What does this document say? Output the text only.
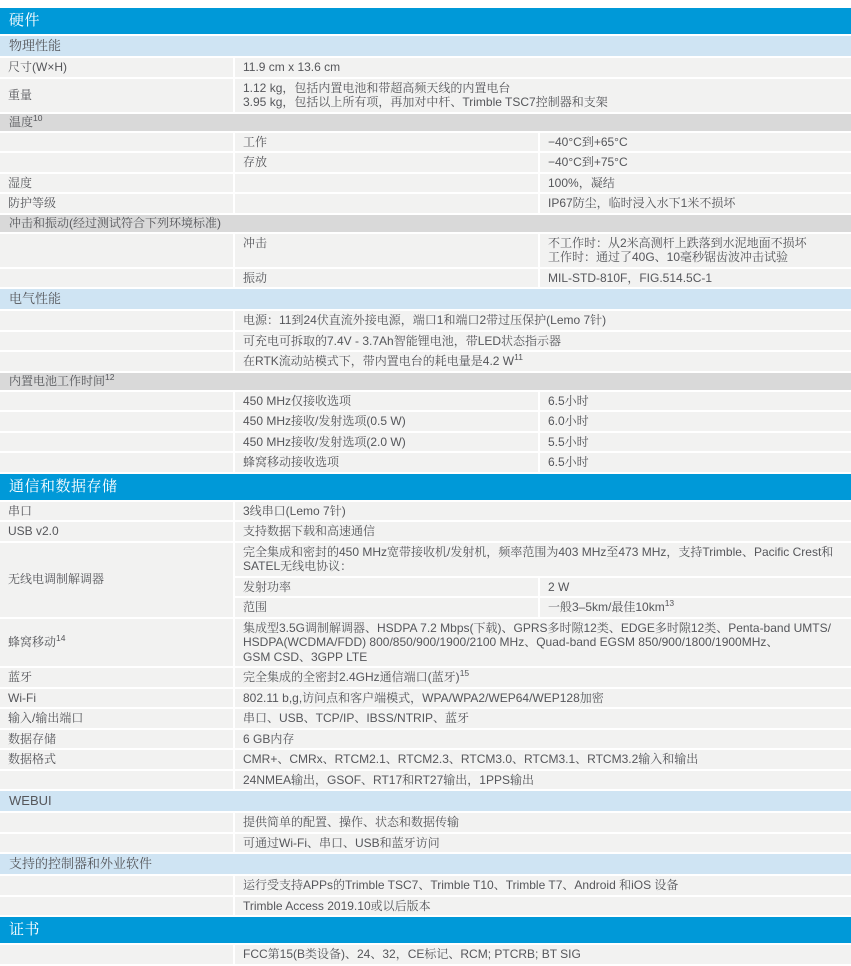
硬件
物理性能
尺寸(W×H)	11.9 cm x 13.6 cm
重量
1.12 kg，包括内置电池和带超高频天线的内置电台
3.95 kg，包括以上所有项，再加对中杆、Trimble TSC7控制器和支架
温度$^{10}$
工作	−40°C到+65°C
存放	−40°C到+75°C
湿度	100%，凝结
防护等级	IP67防尘，临时浸入水下1米不损坏
冲击和振动(经过测试符合下列环境标准)
冲击	不工作时：从2米高测杆上跌落到水泥地面不损坏
工作时：通过了40G、10毫秒锯齿波冲击试验
振动	MIL-STD-810F，FIG.514.5C-1
电气性能
电源：11到24伏直流外接电源，端口1和端口2带过压保护(Lemo 7针)
可充电可拆取的7.4V - 3.7Ah智能锂电池，带LED状态指示器
在RTK流动站模式下，带内置电台的耗电量是4.2 $W^{11}$
内置电池工作时间$^{12}$
450 MHz仅接收选项	6.5小时
450 MHz接收/发射选项(0.5 W)	6.0小时
450 MHz接收/发射选项(2.0 W)	5.5小时
蜂窝移动接收选项	6.5小时
通信和数据存储
串口	3线串口(Lemo 7针)
USB v2.0	支持数据下载和高速通信
无线电调制解调器
完全集成和密封的450 MHz宽带接收机/发射机，频率范围为403 MHz至473 MHz，支持Trimble、Pacific Crest和
SATEL无线电协议：
发射功率	2 W
范围	一般3–5km/最佳$10km^{13}$
蜂窝移动$^{14}$
集成型3.5G调制解调器、HSDPA 7.2 Mbps(下载)、GPRS多时隙12类、EDGE多时隙12类、Penta-band UMTS/
HSDPA(WCDMA/FDD) 800/850/900/1900/2100 MHz、Quad-band EGSM 850/900/1800/1900MHz、
GSM CSD、3GPP LTE
蓝牙	完全集成的全密封2.4GHz通信端口(蓝牙)$^{15}$
Wi-Fi	802.11 b,g,访问点和客户端模式，WPA/WPA2/WEP64/WEP128加密
输入/输出端口	串口、USB、TCP/IP、IBSS/NTRIP、蓝牙
数据存储	6 GB内存
数据格式	CMR+、CMRx、RTCM2.1、RTCM2.3、RTCM3.0、RTCM3.1、RTCM3.2输入和输出
24NMEA输出，GSOF、RT17和RT27输出，1PPS输出
WEBUI
提供简单的配置、操作、状态和数据传输
可通过Wi-Fi、串口、USB和蓝牙访问
支持的控制器和外业软件
运行受支持APPs的Trimble TSC7、Trimble T10、Trimble T7、Android 和iOS 设备
Trimble Access 2019.10或以后版本
证书
FCC第15(B类设备)、24、32，CE标记、RCM; PTCRB; BT SIG
